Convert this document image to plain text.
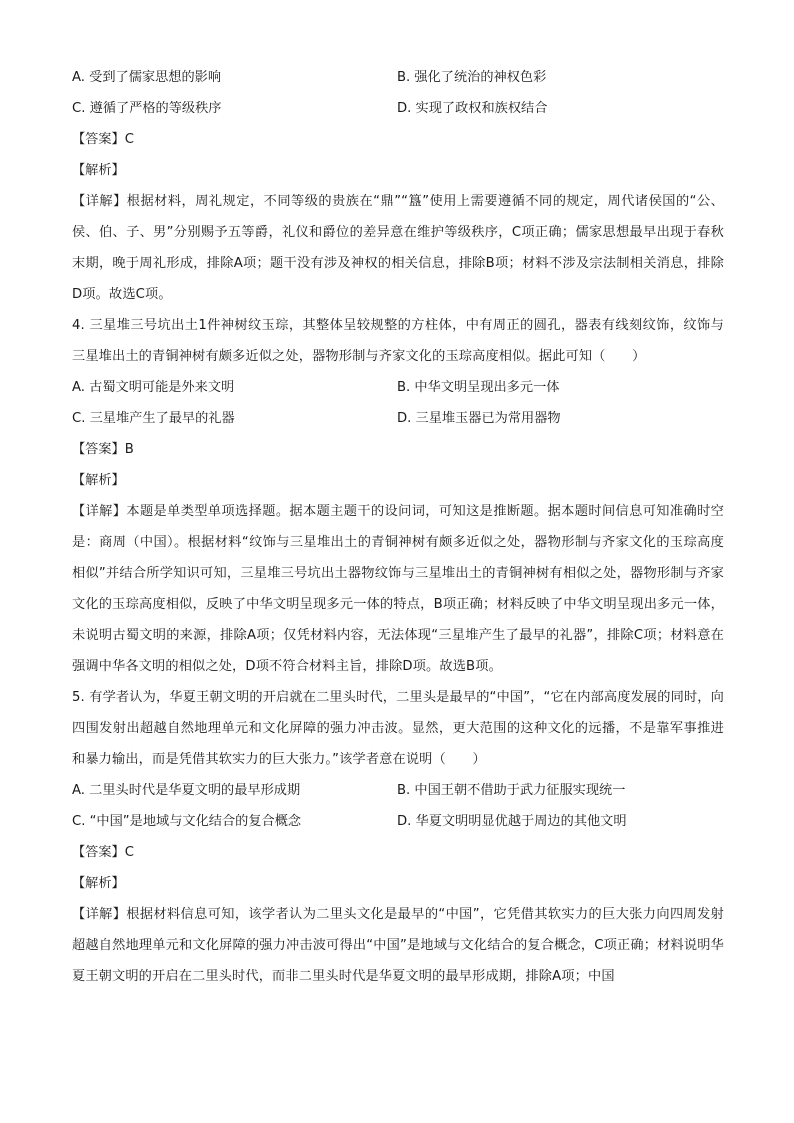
A. 受到了儒家思想的影响	B. 强化了统治的神权色彩
C. 遵循了严格的等级秩序	D. 实现了政权和族权结合

【答案】C

【解析】

【详解】根据材料，周礼规定，不同等级的贵族在“鼎”“簋”使用上需要遵循不同的规定，周代诸侯国的“公、侯、伯、子、男”分别赐予五等爵，礼仪和爵位的差异意在维护等级秩序，C项正确；儒家思想最早出现于春秋末期，晚于周礼形成，排除A项；题干没有涉及神权的相关信息，排除B项；材料不涉及宗法制相关消息，排除D项。故选C项。

4. 三星堆三号坑出土1件神树纹玉琮，其整体呈较规整的方柱体，中有周正的圆孔，器表有线刻纹饰，纹饰与三星堆出土的青铜神树有颇多近似之处，器物形制与齐家文化的玉琮高度相似。据此可知（　　）

A. 古蜀文明可能是外来文明	B. 中华文明呈现出多元一体
C. 三星堆产生了最早的礼器	D. 三星堆玉器已为常用器物

【答案】B

【解析】

【详解】本题是单类型单项选择题。据本题主题干的设问词，可知这是推断题。据本题时间信息可知准确时空是：商周（中国）。根据材料“纹饰与三星堆出土的青铜神树有颇多近似之处，器物形制与齐家文化的玉琮高度相似”并结合所学知识可知，三星堆三号坑出土器物纹饰与三星堆出土的青铜神树有相似之处，器物形制与齐家文化的玉琮高度相似，反映了中华文明呈现多元一体的特点，B项正确；材料反映了中华文明呈现出多元一体，未说明古蜀文明的来源，排除A项；仅凭材料内容，无法体现“三星堆产生了最早的礼器”，排除C项；材料意在强调中华各文明的相似之处，D项不符合材料主旨，排除D项。故选B项。

5. 有学者认为，华夏王朝文明的开启就在二里头时代，二里头是最早的“中国”，“它在内部高度发展的同时，向四围发射出超越自然地理单元和文化屏障的强力冲击波。显然，更大范围的这种文化的远播，不是靠军事推进和暴力输出，而是凭借其软实力的巨大张力。”该学者意在说明（　　）

A. 二里头时代是华夏文明的最早形成期	B. 中国王朝不借助于武力征服实现统一
C. “中国”是地域与文化结合的复合概念	D. 华夏文明明显优越于周边的其他文明

【答案】C

【解析】

【详解】根据材料信息可知，该学者认为二里头文化是最早的“中国”，它凭借其软实力的巨大张力向四周发射超越自然地理单元和文化屏障的强力冲击波可得出“中国”是地域与文化结合的复合概念，C项正确；材料说明华夏王朝文明的开启在二里头时代，而非二里头时代是华夏文明的最早形成期，排除A项；中国
